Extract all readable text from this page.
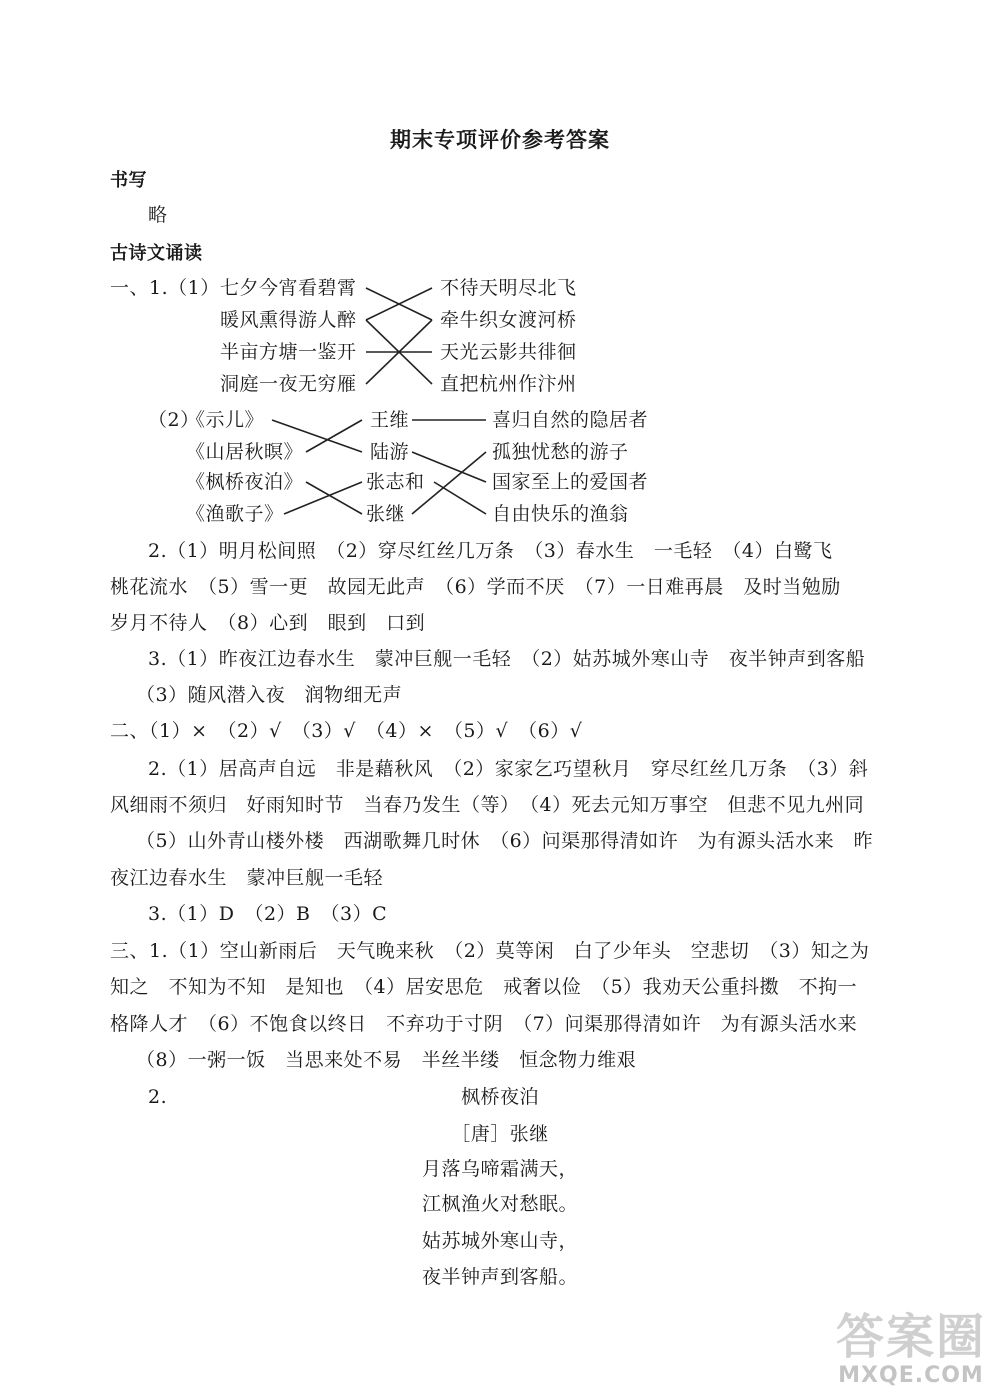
期末专项评价参考答案
书写
略
古诗文诵读
一、1.（1） 七夕今宵看碧霄
暖风熏得游人醉
半亩方塘一鉴开
洞庭一夜无穷雁
不待天明尽北飞
牵牛织女渡河桥
天光云影共徘徊
直把杭州作汴州
（2）
《示儿》
《山居秋暝》
《枫桥夜泊》
《渔歌子》
王维
陆游
张志和
张继
喜归自然的隐居者
孤独忧愁的游子
国家至上的爱国者
自由快乐的渔翁
2.（1）明月松间照　（2）穿尽红丝几万条　（3）春水生　一毛轻　（4）白鹭飞
桃花流水　（5）雪一更　故园无此声　（6）学而不厌　（7）一日难再晨　及时当勉励
岁月不待人　（8）心到　眼到　口到
3.（1）昨夜江边春水生　蒙冲巨舰一毛轻　（2）姑苏城外寒山寺　夜半钟声到客船
（3）随风潜入夜　润物细无声
二、（1）×　（2）√　（3）√　（4）×　（5）√　（6）√
2.（1）居高声自远　非是藉秋风　（2）家家乞巧望秋月　穿尽红丝几万条　（3）斜
风细雨不须归　好雨知时节　当春乃发生（等）　（4）死去元知万事空　但悲不见九州同
（5）山外青山楼外楼　西湖歌舞几时休　（6）问渠那得清如许　为有源头活水来　昨
夜江边春水生　蒙冲巨舰一毛轻
3.（1）D　（2）B　（3）C
三、1.（1）空山新雨后　天气晚来秋　（2）莫等闲　白了少年头　空悲切　（3）知之为
知之　不知为不知　是知也　（4）居安思危　戒奢以俭　（5）我劝天公重抖擞　不拘一
格降人才　（6）不饱食以终日　不弃功于寸阴　（7）问渠那得清如许　为有源头活水来
（8）一粥一饭　当思来处不易　半丝半缕　恒念物力维艰
2.	枫桥夜泊
［唐］张继
月落乌啼霜满天，
江枫渔火对愁眠。
姑苏城外寒山寺，
夜半钟声到客船。
答案圈
MXQE.COM
